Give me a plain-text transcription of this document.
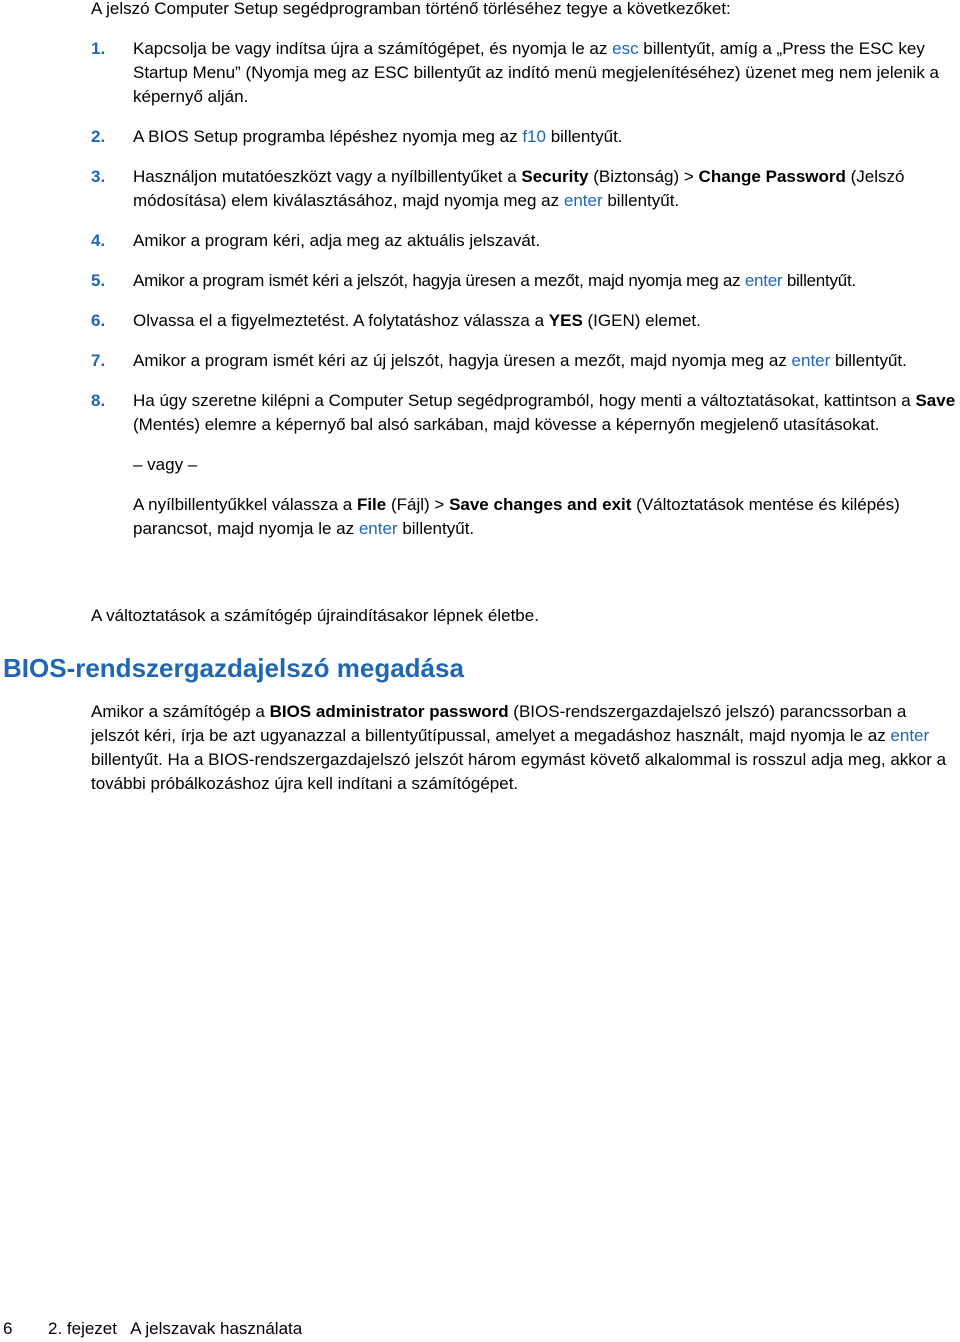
A jelszó Computer Setup segédprogramban történő törléséhez tegye a következőket:

1. Kapcsolja be vagy indítsa újra a számítógépet, és nyomja le az esc billentyűt, amíg a „Press the ESC key Startup Menu” (Nyomja meg az ESC billentyűt az indító menü megjelenítéséhez) üzenet meg nem jelenik a képernyő alján.

2. A BIOS Setup programba lépéshez nyomja meg az f10 billentyűt.

3. Használjon mutatóeszközt vagy a nyílbillentyűket a Security (Biztonság) > Change Password (Jelszó módosítása) elem kiválasztásához, majd nyomja meg az enter billentyűt.

4. Amikor a program kéri, adja meg az aktuális jelszavát.

5. Amikor a program ismét kéri a jelszót, hagyja üresen a mezőt, majd nyomja meg az enter billentyűt.

6. Olvassa el a figyelmeztetést. A folytatáshoz válassza a YES (IGEN) elemet.

7. Amikor a program ismét kéri az új jelszót, hagyja üresen a mezőt, majd nyomja meg az enter billentyűt.

8. Ha úgy szeretne kilépni a Computer Setup segédprogramból, hogy menti a változtatásokat, kattintson a Save (Mentés) elemre a képernyő bal alsó sarkában, majd kövesse a képernyőn megjelenő utasításokat.

– vagy –

A nyílbillentyűkkel válassza a File (Fájl) > Save changes and exit (Változtatások mentése és kilépés) parancsot, majd nyomja le az enter billentyűt.

A változtatások a számítógép újraindításakor lépnek életbe.

BIOS-rendszergazdajelszó megadása

Amikor a számítógép a BIOS administrator password (BIOS-rendszergazdajelszó jelszó) parancssorban a jelszót kéri, írja be azt ugyanazzal a billentyűtípussal, amelyet a megadáshoz használt, majd nyomja le az enter billentyűt. Ha a BIOS-rendszergazdajelszó jelszót három egymást követő alkalommal is rosszul adja meg, akkor a további próbálkozáshoz újra kell indítani a számítógépet.

6 2. fejezet   A jelszavak használata
